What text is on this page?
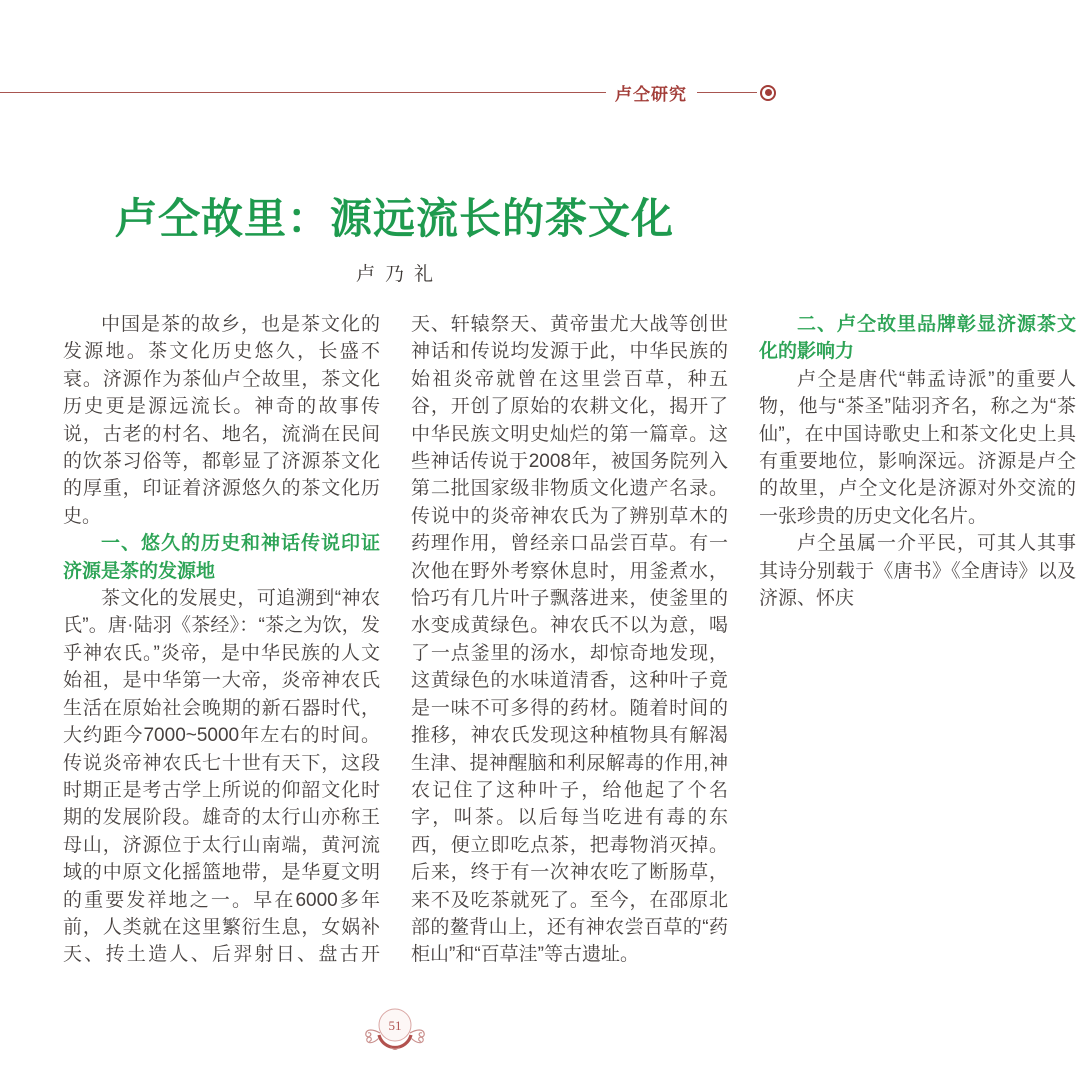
卢仝研究
卢仝故里：源远流长的茶文化
卢乃礼

中国是茶的故乡，也是茶文化的发源地。茶文化历史悠久，长盛不衰。济源作为茶仙卢仝故里，茶文化历史更是源远流长。神奇的故事传说，古老的村名、地名，流淌在民间的饮茶习俗等，都彰显了济源茶文化的厚重，印证着济源悠久的茶文化历史。

一、悠久的历史和神话传说印证济源是茶的发源地

茶文化的发展史，可追溯到“神农氏”。唐·陆羽《茶经》：“茶之为饮，发乎神农氏。”炎帝，是中华民族的人文始祖，是中华第一大帝，炎帝神农氏生活在原始社会晚期的新石器时代，大约距今7000~5000年左右的时间。传说炎帝神农氏七十世有天下，这段时期正是考古学上所说的仰韶文化时期的发展阶段。雄奇的太行山亦称王母山，济源位于太行山南端，黄河流域的中原文化摇篮地带，是华夏文明的重要发祥地之一。早在6000多年前，人类就在这里繁衍生息，女娲补天、抟土造人、后羿射日、盘古开天、轩辕祭天、黄帝蚩尤大战等创世神话和传说均发源于此，中华民族的始祖炎帝就曾在这里尝百草，种五谷，开创了原始的农耕文化，揭开了中华民族文明史灿烂的第一篇章。这些神话传说于2008年，被国务院列入第二批国家级非物质文化遗产名录。传说中的炎帝神农氏为了辨别草木的药理作用，曾经亲口品尝百草。有一次他在野外考察休息时，用釜煮水，恰巧有几片叶子飘落进来，使釜里的水变成黄绿色。神农氏不以为意，喝了一点釜里的汤水，却惊奇地发现，这黄绿色的水味道清香，这种叶子竟是一味不可多得的药材。随着时间的推移，神农氏发现这种植物具有解渴生津、提神醒脑和利尿解毒的作用,神农记住了这种叶子，给他起了个名字，叫茶。以后每当吃进有毒的东西，便立即吃点茶，把毒物消灭掉。后来，终于有一次神农吃了断肠草，来不及吃茶就死了。至今，在邵原北部的鳌背山上，还有神农尝百草的“药柜山”和“百草洼”等古遗址。

二、卢仝故里品牌彰显济源茶文化的影响力

卢仝是唐代“韩孟诗派”的重要人物，他与“茶圣”陆羽齐名，称之为“茶仙”，在中国诗歌史上和茶文化史上具有重要地位，影响深远。济源是卢仝的故里，卢仝文化是济源对外交流的一张珍贵的历史文化名片。

卢仝虽属一介平民，可其人其事其诗分别载于《唐书》《全唐诗》以及济源、怀庆

51
